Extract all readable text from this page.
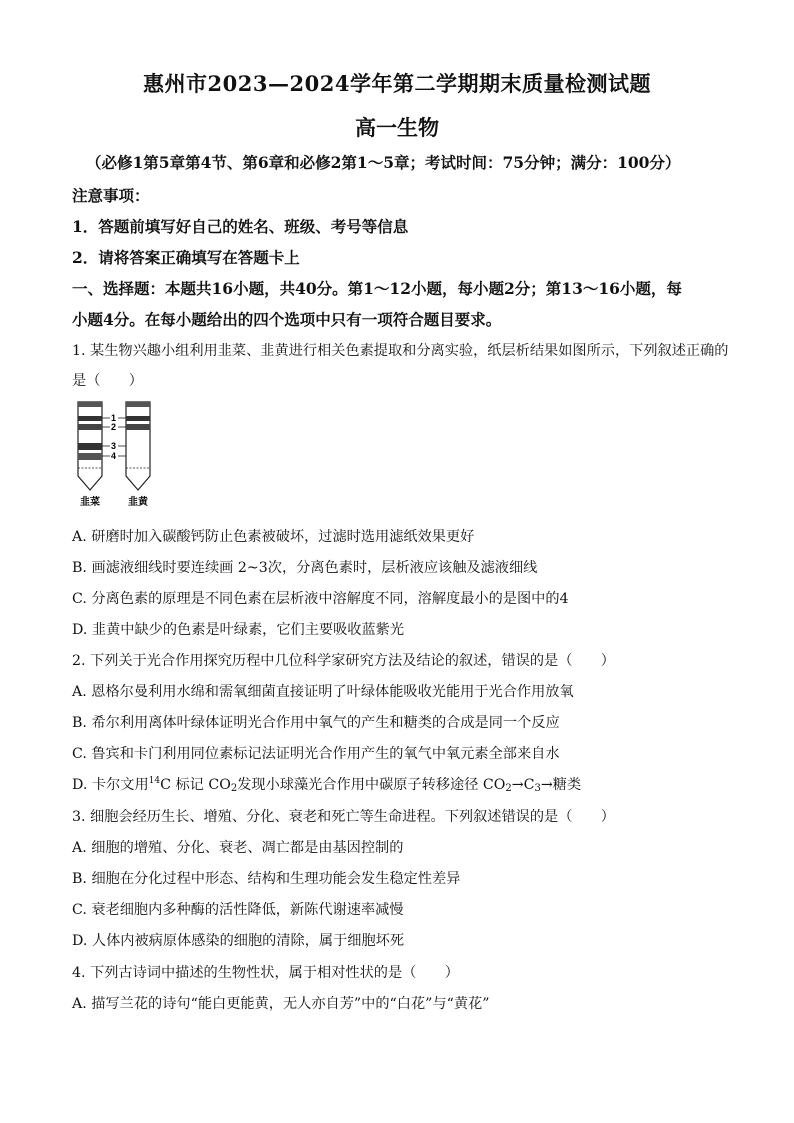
惠州市2023—2024学年第二学期期末质量检测试题
高一生物
（必修1第5章第4节、第6章和必修2第1～5章；考试时间：75分钟；满分：100分）
注意事项：
1．答题前填写好自己的姓名、班级、考号等信息
2．请将答案正确填写在答题卡上
一、选择题：本题共16小题，共40分。第1～12小题，每小题2分；第13～16小题，每
小题4分。在每小题给出的四个选项中只有一项符合题目要求。
1. 某生物兴趣小组利用韭菜、韭黄进行相关色素提取和分离实验，纸层析结果如图所示，下列叙述正确的
是（　　）
1
2
3
4
韭菜	韭黄
A. 研磨时加入碳酸钙防止色素被破坏，过滤时选用滤纸效果更好
B. 画滤液细线时要连续画 2~3次，分离色素时，层析液应该触及滤液细线
C. 分离色素的原理是不同色素在层析液中溶解度不同，溶解度最小的是图中的4
D. 韭黄中缺少的色素是叶绿素，它们主要吸收蓝紫光
2. 下列关于光合作用探究历程中几位科学家研究方法及结论的叙述，错误的是（　　）
A. 恩格尔曼利用水绵和需氧细菌直接证明了叶绿体能吸收光能用于光合作用放氧
B. 希尔利用离体叶绿体证明光合作用中氧气的产生和糖类的合成是同一个反应
C. 鲁宾和卡门利用同位素标记法证明光合作用产生的氧气中氧元素全部来自水
D. 卡尔文用$^{14}$C 标记 $CO_2$发现小球藻光合作用中碳原子转移途径 $CO_2\to C_3\to$糖类
3. 细胞会经历生长、增殖、分化、衰老和死亡等生命进程。下列叙述错误的是（　　）
A. 细胞的增殖、分化、衰老、凋亡都是由基因控制的
B. 细胞在分化过程中形态、结构和生理功能会发生稳定性差异
C. 衰老细胞内多种酶的活性降低，新陈代谢速率减慢
D. 人体内被病原体感染的细胞的清除，属于细胞坏死
4. 下列古诗词中描述的生物性状，属于相对性状的是（　　）
A. 描写兰花的诗句“能白更能黄，无人亦自芳”中的“白花”与“黄花”
